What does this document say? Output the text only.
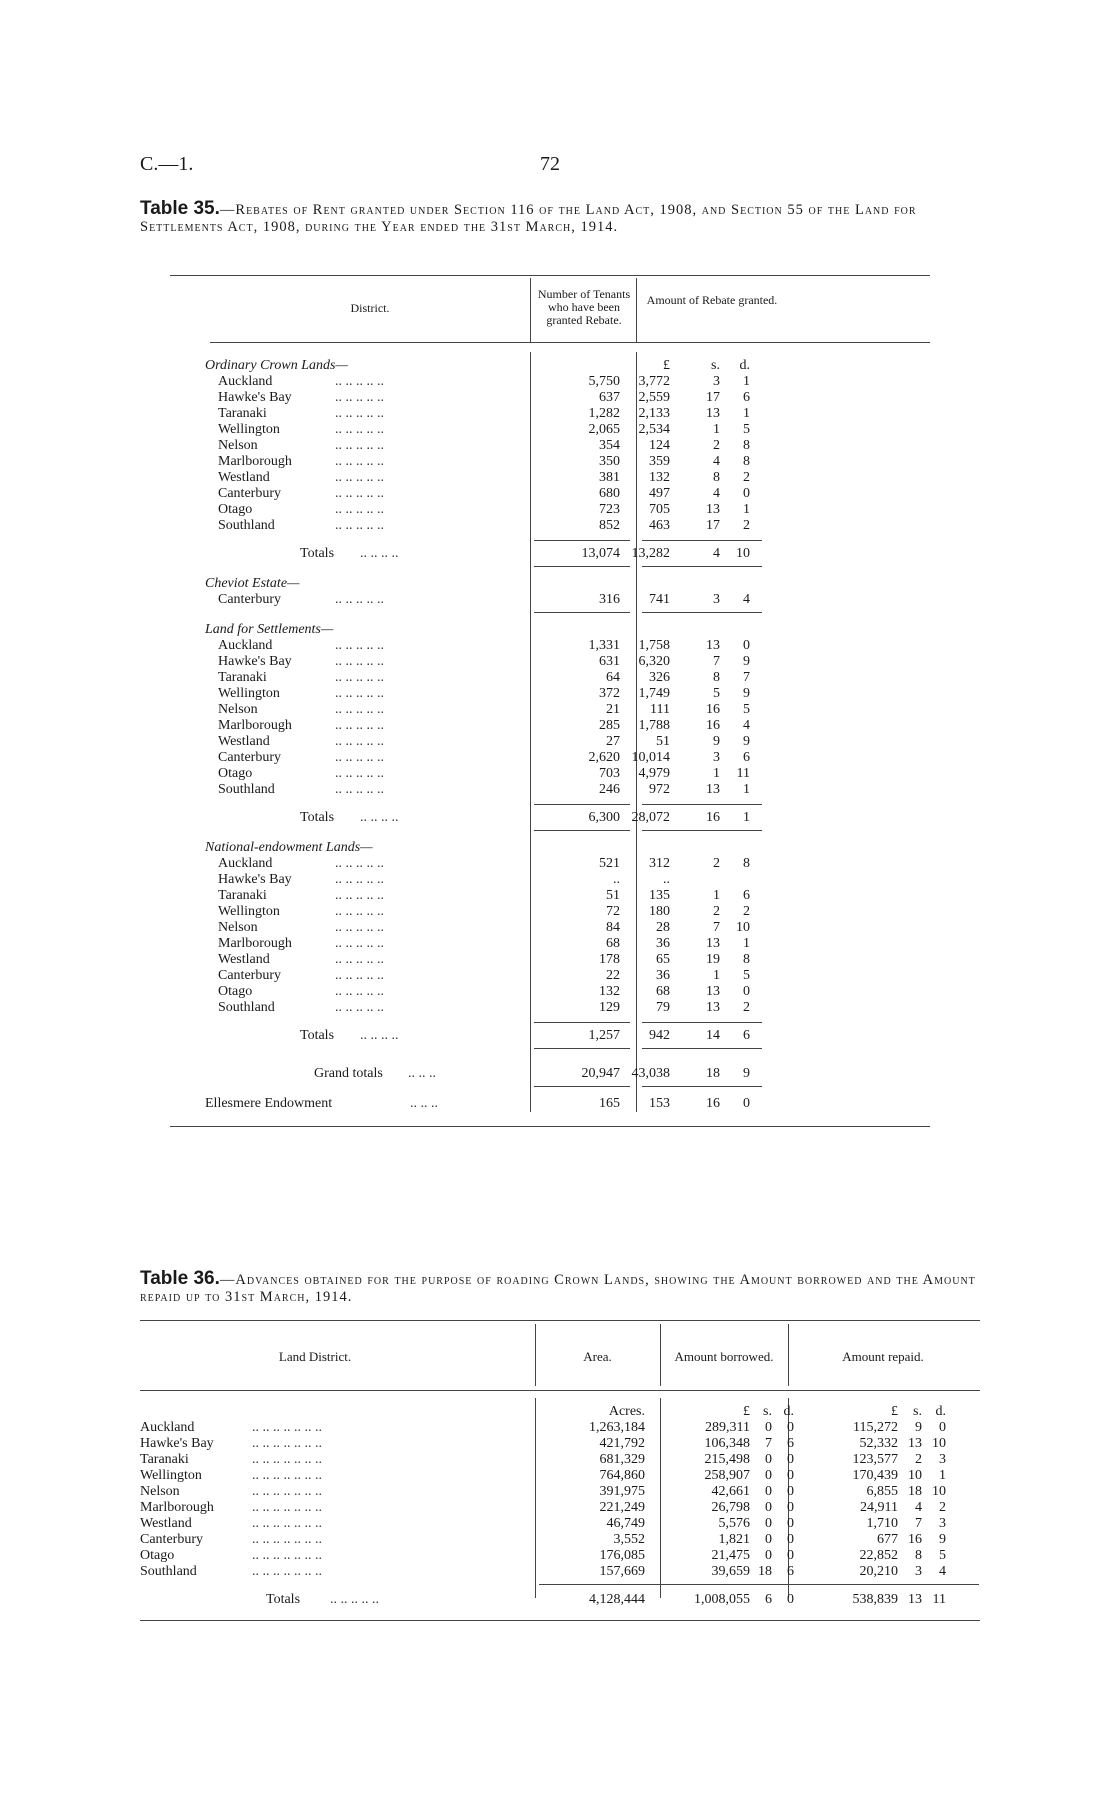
C.—1.	72
Table 35.—Rebates of Rent granted under Section 116 of the Land Act, 1908, and Section 55 of the Land for Settlements Act, 1908, during the Year ended the 31st March, 1914.
District.
Number of Tenants who have been granted Rebate.
Amount of Rebate granted.
Ordinary Crown Lands—	£	s.	d.
Auckland	.. .. .. .. ..	5,750	3,772	3	1
Hawke's Bay	.. .. .. .. ..	637	2,559	17	6
Taranaki	.. .. .. .. ..	1,282	2,133	13	1
Wellington	.. .. .. .. ..	2,065	2,534	1	5
Nelson	.. .. .. .. ..	354	124	2	8
Marlborough	.. .. .. .. ..	350	359	4	8
Westland	.. .. .. .. ..	381	132	8	2
Canterbury	.. .. .. .. ..	680	497	4	0
Otago	.. .. .. .. ..	723	705	13	1
Southland	.. .. .. .. ..	852	463	17	2
Totals .. .. .. ..	13,074 13,282	4	10
Cheviot Estate—
Canterbury	.. .. .. .. ..	316	741	3	4
Land for Settlements—
Auckland	.. .. .. .. ..	1,331	1,758	13	0
Hawke's Bay	.. .. .. .. ..	631	6,320	7	9
Taranaki	.. .. .. .. ..	64	326	8	7
Wellington	.. .. .. .. ..	372	1,749	5	9
Nelson	.. .. .. .. ..	21	111	16	5
Marlborough	.. .. .. .. ..	285	1,788	16	4
Westland	.. .. .. .. ..	27	51	9	9
Canterbury	.. .. .. .. ..	2,620 10,014	3	6
Otago	.. .. .. .. ..	703	4,979	1	11
Southland	.. .. .. .. ..	246	972	13	1
Totals .. .. .. ..	6,300 28,072	16	1
National-endowment Lands—
Auckland	.. .. .. .. ..	521	312	2	8
Hawke's Bay	.. .. .. .. ..	..	..
Taranaki	.. .. .. .. ..	51	135	1	6
Wellington	.. .. .. .. ..	72	180	2	2
Nelson	.. .. .. .. ..	84	28	7	10
Marlborough	.. .. .. .. ..	68	36	13	1
Westland	.. .. .. .. ..	178	65	19	8
Canterbury	.. .. .. .. ..	22	36	1	5
Otago	.. .. .. .. ..	132	68	13	0
Southland	.. .. .. .. ..	129	79	13	2
Totals .. .. .. ..	1,257	942	14	6
Grand totals .. .. ..	20,947 43,038	18	9
Ellesmere Endowment	.. .. ..	165	153	16	0
Table 36.—Advances obtained for the purpose of roading Crown Lands, showing the Amount borrowed and the Amount repaid up to 31st March, 1914.
Land District.	Area.	Amount borrowed.	Amount repaid.
Acres.	£ s. d.	£	s. d.
Auckland	.. .. .. .. .. .. ..	1,263,184	289,311	0	0	115,272	9	0
Hawke's Bay	.. .. .. .. .. .. ..	421,792	106,348	7	6	52,332 13 10
Taranaki	.. .. .. .. .. .. ..	681,329	215,498	0	0	123,577	2	3
Wellington	.. .. .. .. .. .. ..	764,860	258,907	0	0	170,439 10	1
Nelson	.. .. .. .. .. .. ..	391,975	42,661	0	0	6,855 18 10
Marlborough	.. .. .. .. .. .. ..	221,249	26,798	0	0	24,911	4	2
Westland	.. .. .. .. .. .. ..	46,749	5,576	0	0	1,710	7	3
Canterbury	.. .. .. .. .. .. ..	3,552	1,821	0	0	677 16	9
Otago	.. .. .. .. .. .. ..	176,085	21,475	0	0	22,852	8	5
Southland	.. .. .. .. .. .. ..	157,669	39,659 18	6	20,210	3	4
Totals .. .. .. .. ..	4,128,444	1,008,055	6	0	538,839 13 11
